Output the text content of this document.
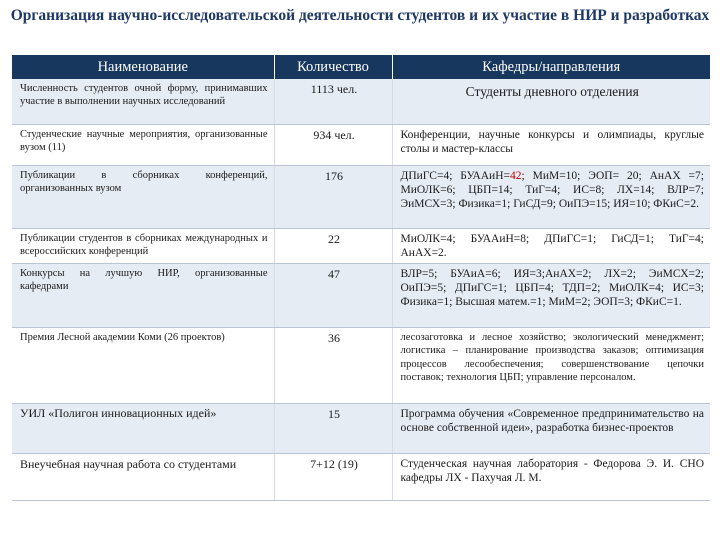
Организация научно-исследовательской деятельности студентов и их участие в НИР и разработках
Наименование	Количество	Кафедры/направления
Численность студентов очной форму, принимавших участие в выполнении научных исследований	1113 чел.	Студенты дневного отделения
Студенческие научные мероприятия, организованные вузом (11)	934 чел.	Конференции, научные конкурсы и олимпиады, круглые столы и мастер-классы
Публикации в сборниках конференций, организованных вузом	176	ДПиГС=4; БУААиН=42; МиМ=10; ЭОП= 20; АнАХ =7; МиОЛК=6; ЦБП=14; ТиГ=4; ИС=8; ЛХ=14; ВЛР=7; ЭиМСХ=3; Физика=1; ГиСД=9; ОиПЭ=15; ИЯ=10; ФКиС=2.
Публикации студентов в сборниках международных и всероссийских конференций	22	МиОЛК=4; БУААиН=8; ДПиГС=1; ГиСД=1; ТиГ=4; АнАХ=2.
Конкурсы на лучшую НИР, организованные кафедрами	47	ВЛР=5; БУАиА=6; ИЯ=3;АнАХ=2; ЛХ=2; ЭиМСХ=2; ОиПЭ=5; ДПиГС=1; ЦБП=4; ТДП=2; МиОЛК=4; ИС=3; Физика=1; Высшая матем.=1; МиМ=2; ЭОП=3; ФКиС=1.
Премия Лесной академии Коми (26 проектов)	36	лесозаготовка и лесное хозяйство; экологический менеджмент; логистика – планирование производства заказов; оптимизация процессов лесообеспечения; совершенствование цепочки поставок; технология ЦБП; управление персоналом.
УИЛ «Полигон инновационных идей»	15	Программа обучения «Современное предпринимательство на основе собственной идеи», разработка бизнес-проектов
Внеучебная научная работа со студентами	7+12 (19)	Студенческая научная лаборатория - Федорова Э. И. СНО кафедры ЛХ - Пахучая Л. М.
